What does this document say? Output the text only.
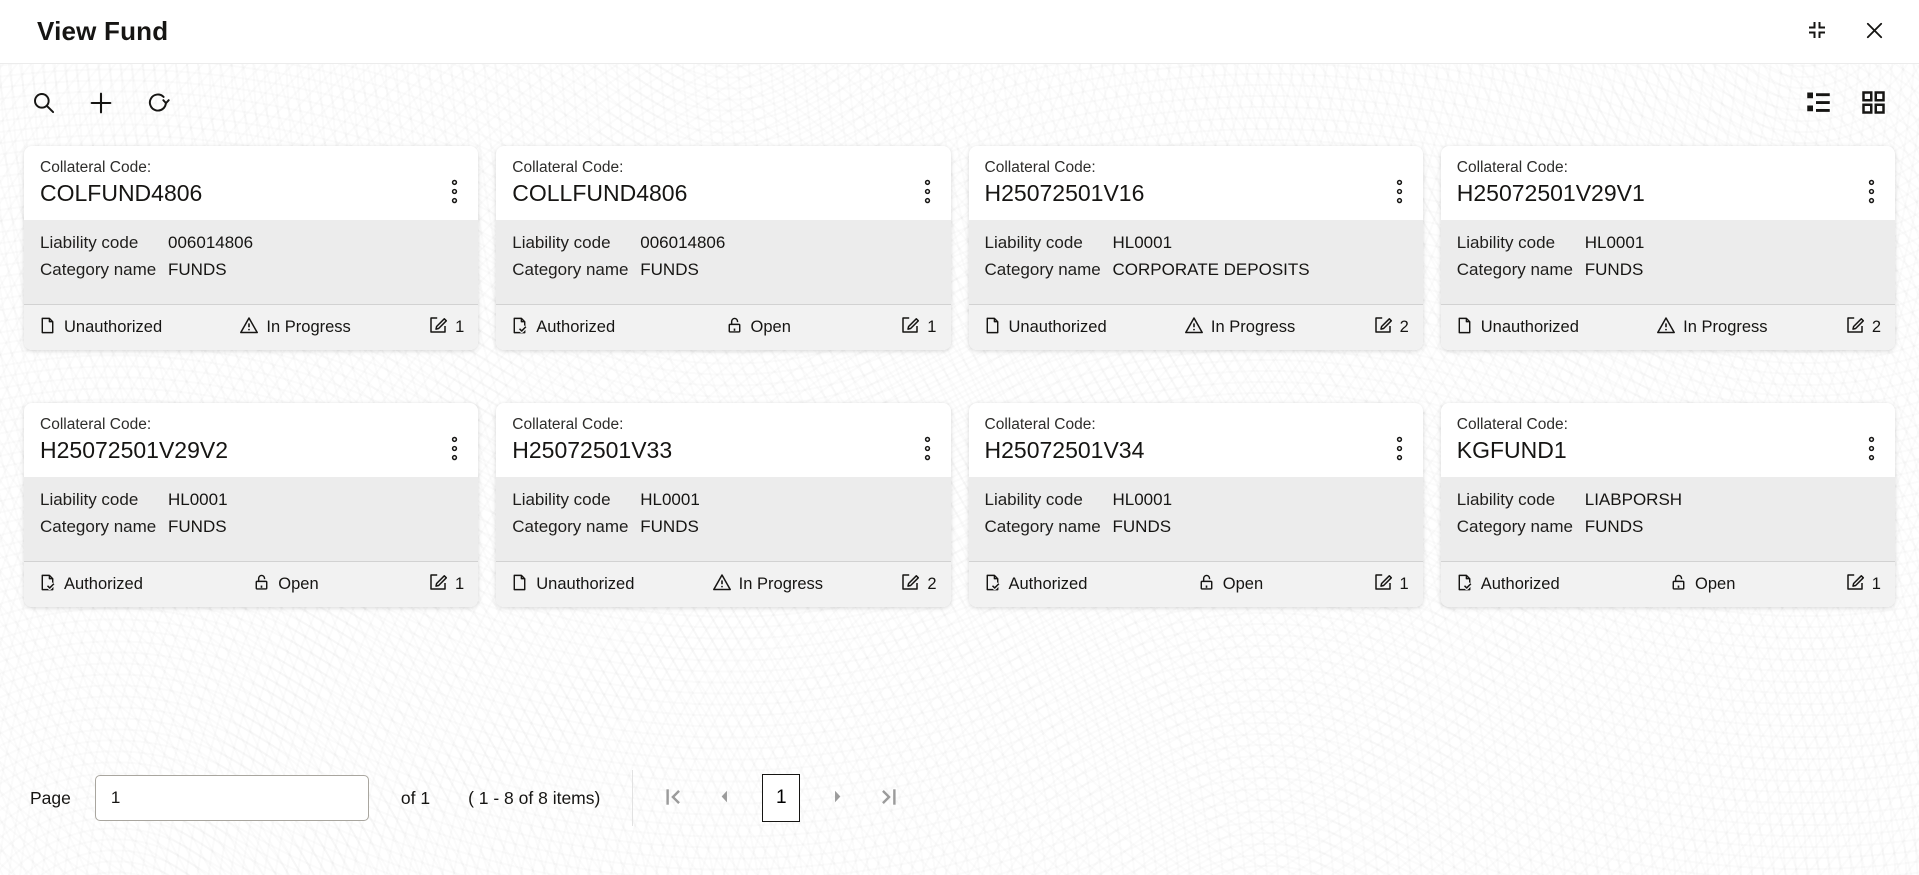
View Fund
Collateral Code:
COLFUND4806
Liability code	006014806
Category name FUNDS
Unauthorized	In Progress	1
Collateral Code:
COLLFUND4806
Liability code	006014806
Category name FUNDS
Authorized	Open	1
Collateral Code:
H25072501V16
Liability code	HL0001
Category name CORPORATE DEPOSITS
Unauthorized	In Progress	2
Collateral Code:
H25072501V29V1
Liability code	HL0001
Category name FUNDS
Unauthorized	In Progress	2
Collateral Code:
H25072501V29V2
Liability code	HL0001
Category name FUNDS
Authorized	Open	1
Collateral Code:
H25072501V33
Liability code	HL0001
Category name FUNDS
Unauthorized	In Progress	2
Collateral Code:
H25072501V34
Liability code	HL0001
Category name FUNDS
Authorized	Open	1
Collateral Code:
KGFUND1
Liability code	LIABPORSH
Category name FUNDS
Authorized	Open	1
Page
1	of 1 ( 1 - 8 of 8 items)	1
